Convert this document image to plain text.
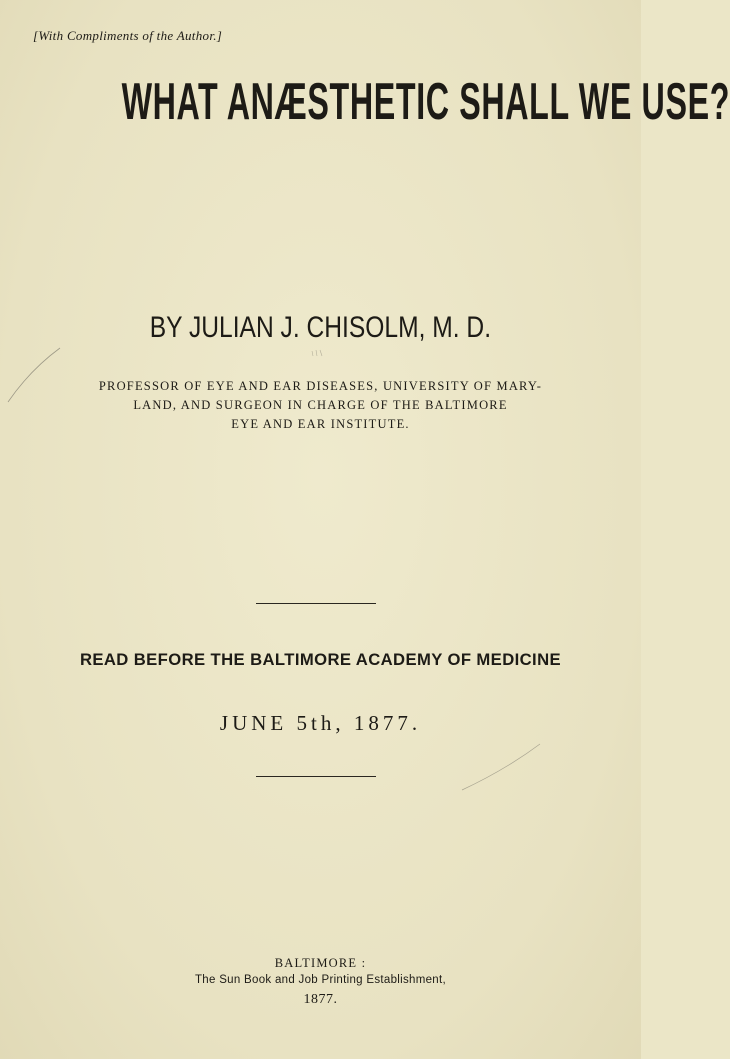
[With Compliments of the Author.]
WHAT ANÆSTHETIC SHALL WE USE?
BY JULIAN J. CHISOLM, M. D.
PROFESSOR OF EYE AND EAR DISEASES, UNIVERSITY OF MARY-
LAND, AND SURGEON IN CHARGE OF THE BALTIMORE
EYE AND EAR INSTITUTE.
READ BEFORE THE BALTIMORE ACADEMY OF MEDICINE
JUNE 5th, 1877.
BALTIMORE :
The Sun Book and Job Printing Establishment,
1877.
